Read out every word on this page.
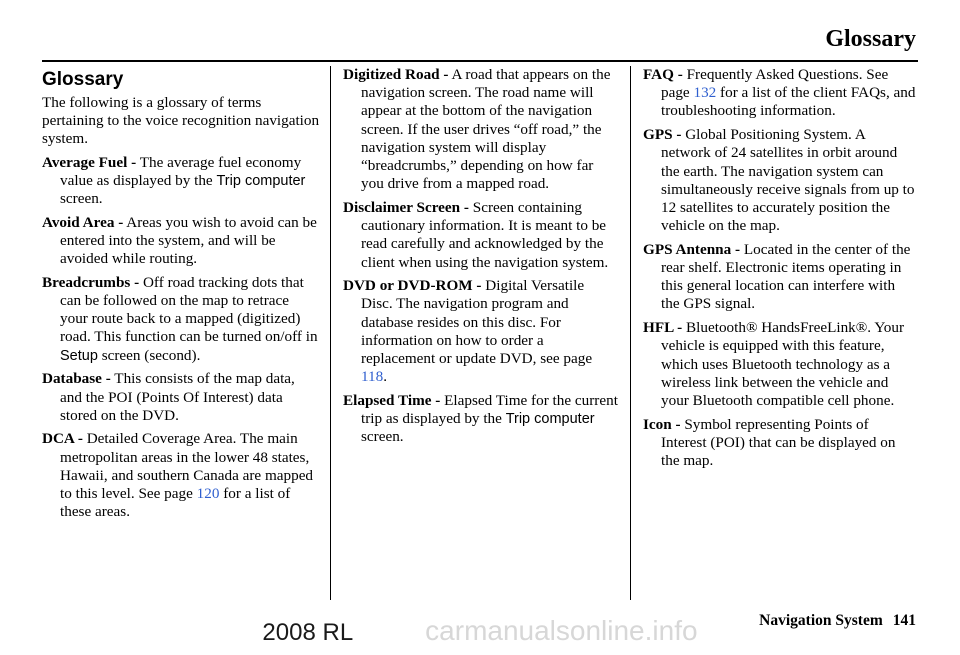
Glossary
Glossary

The following is a glossary of terms pertaining to the voice recognition navigation system.

Average Fuel - The average fuel economy value as displayed by the Trip computer screen.

Avoid Area - Areas you wish to avoid can be entered into the system, and will be avoided while routing.

Breadcrumbs - Off road tracking dots that can be followed on the map to retrace your route back to a mapped (digitized) road. This function can be turned on/off in Setup screen (second).

Database - This consists of the map data, and the POI (Points Of Interest) data stored on the DVD.

DCA - Detailed Coverage Area. The main metropolitan areas in the lower 48 states, Hawaii, and southern Canada are mapped to this level. See page 120 for a list of these areas.

Digitized Road - A road that appears on the navigation screen. The road name will appear at the bottom of the navigation screen. If the user drives “off road,” the navigation system will display “breadcrumbs,” depending on how far you drive from a mapped road.

Disclaimer Screen - Screen containing cautionary information. It is meant to be read carefully and acknowledged by the client when using the navigation system.

DVD or DVD-ROM - Digital Versatile Disc. The navigation program and database resides on this disc. For information on how to order a replacement or update DVD, see page 118.

Elapsed Time - Elapsed Time for the current trip as displayed by the Trip computer screen.

FAQ - Frequently Asked Questions. See page 132 for a list of the client FAQs, and troubleshooting information.

GPS - Global Positioning System. A network of 24 satellites in orbit around the earth. The navigation system can simultaneously receive signals from up to 12 satellites to accurately position the vehicle on the map.

GPS Antenna - Located in the center of the rear shelf. Electronic items operating in this general location can interfere with the GPS signal.

HFL - Bluetooth® HandsFreeLink®. Your vehicle is equipped with this feature, which uses Bluetooth technology as a wireless link between the vehicle and your Bluetooth compatible cell phone.

Icon - Symbol representing Points of Interest (POI) that can be displayed on the map.

Navigation System 141
2008 RL	carmanualsonline.info
